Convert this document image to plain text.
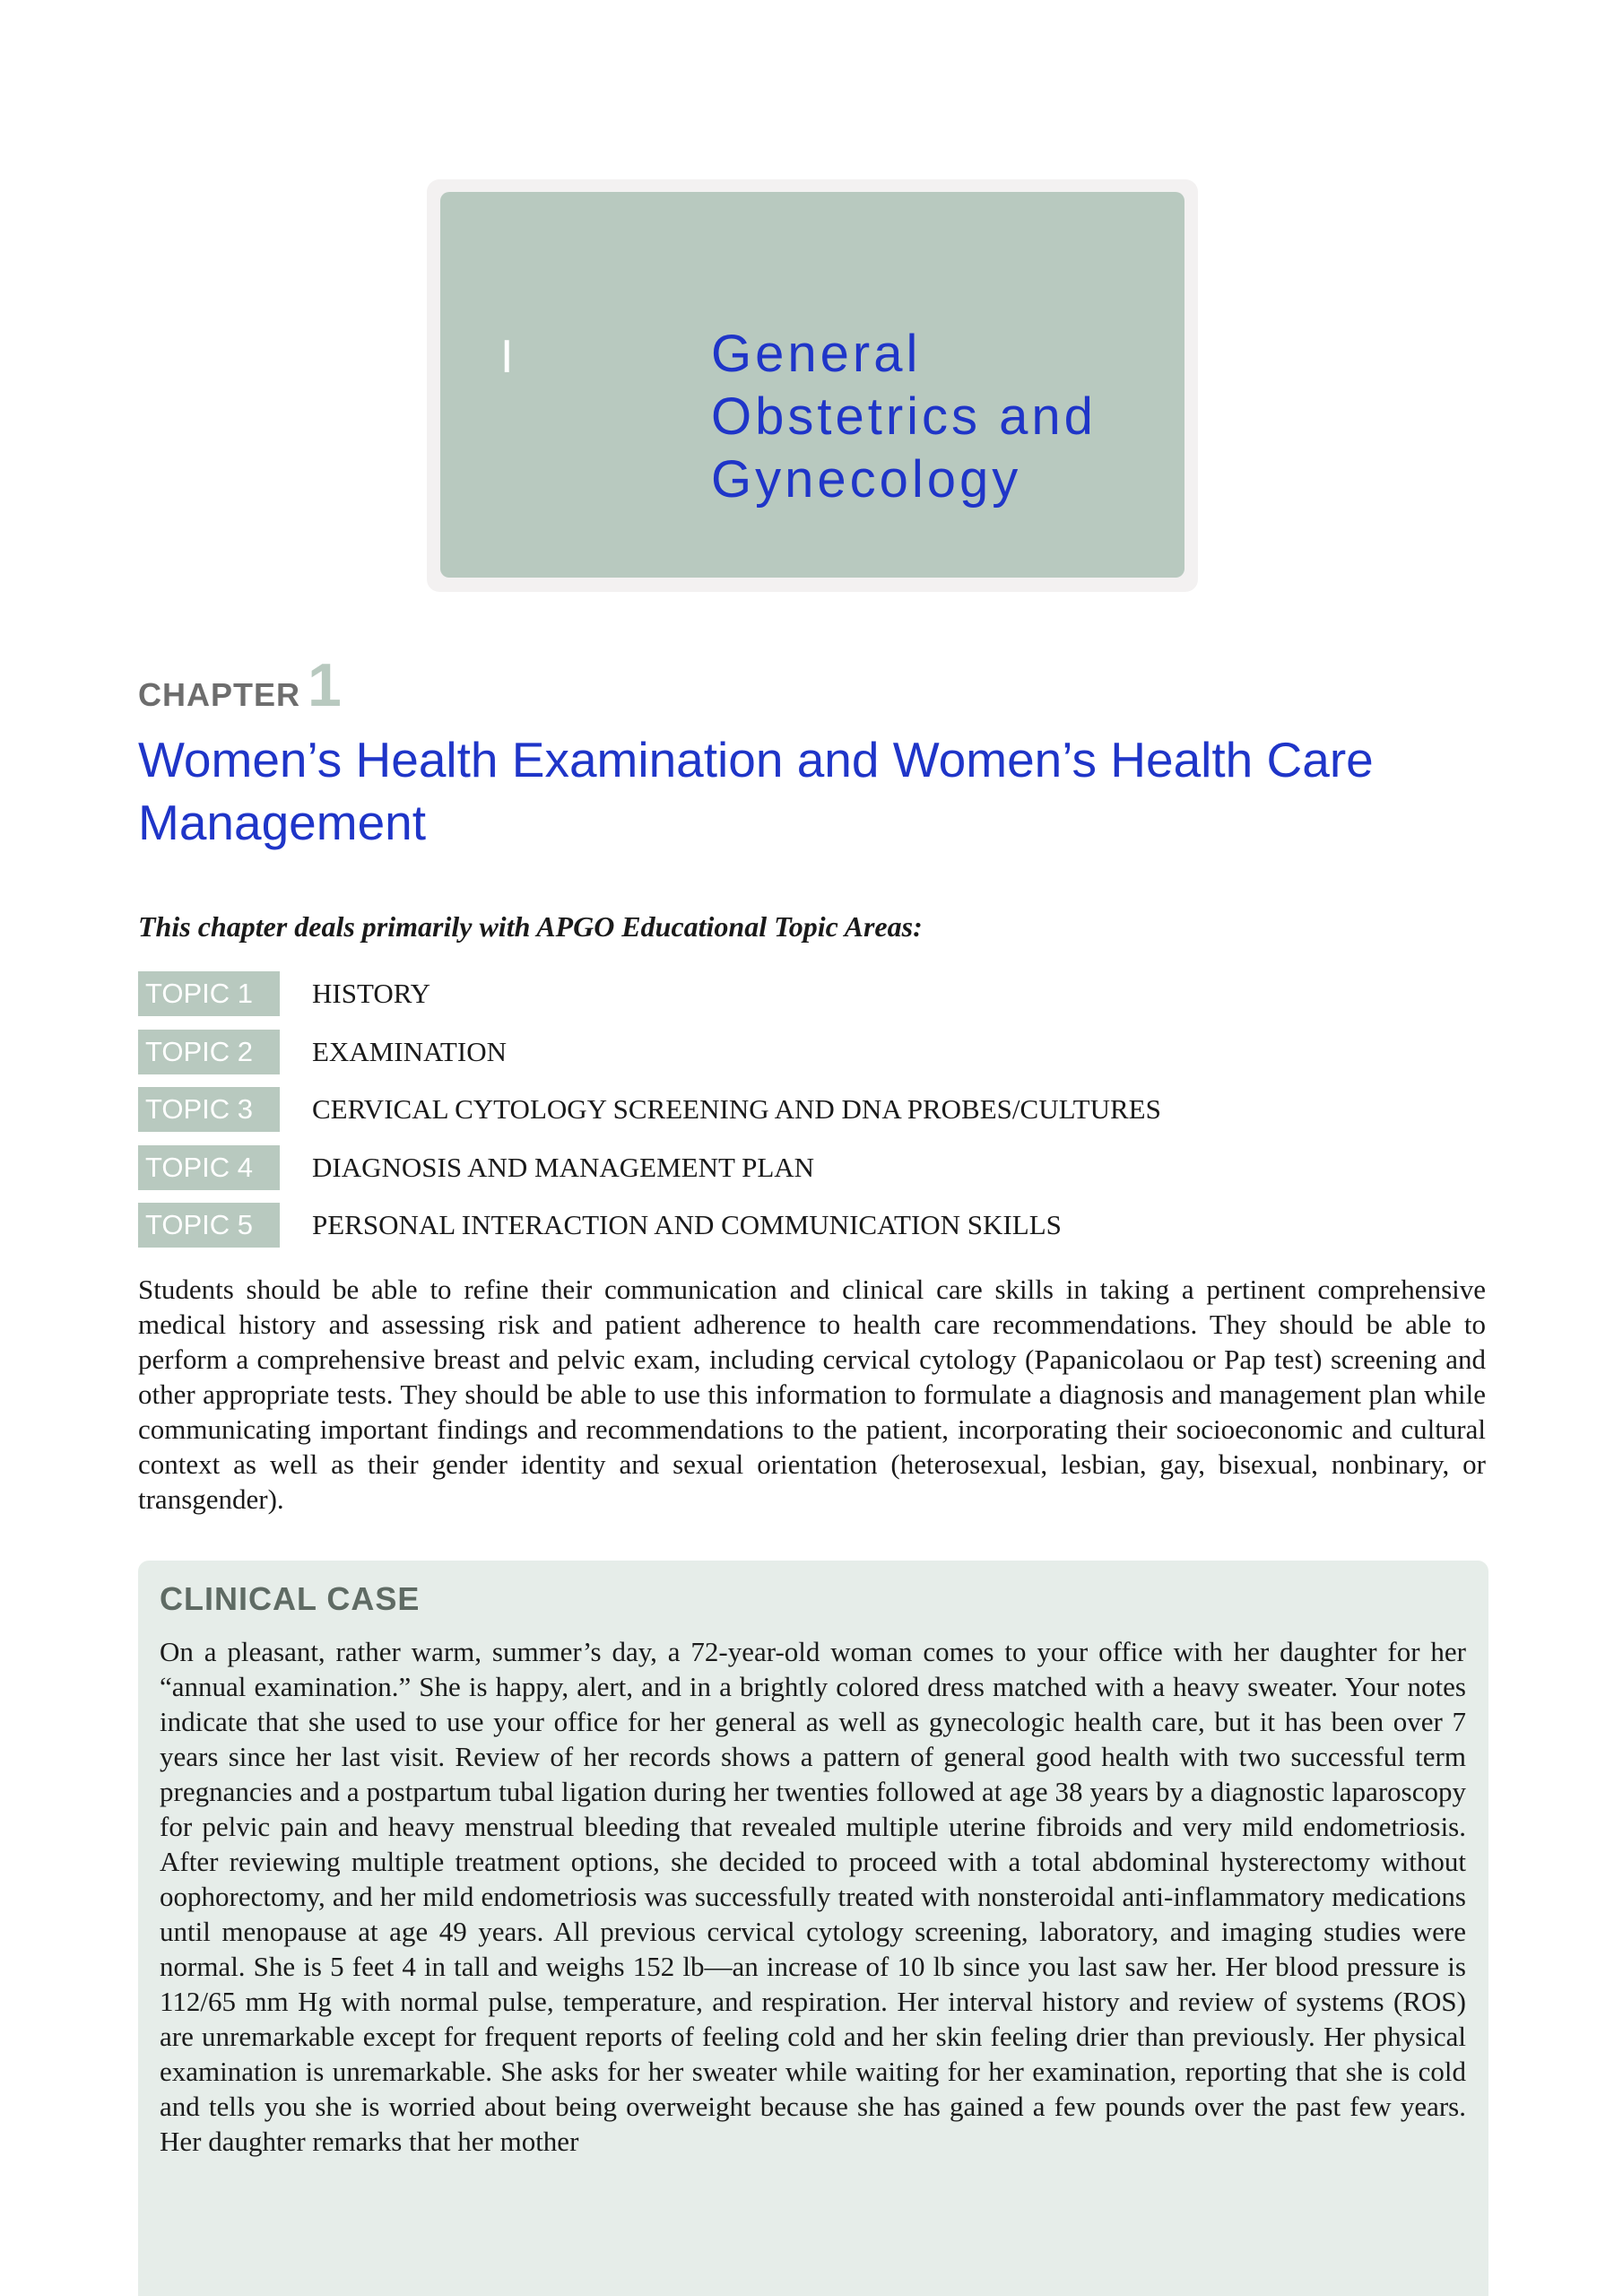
I	General
Obstetrics and
Gynecology
CHAPTER 1
Women’s Health Examination and Women’s Health Care Management
This chapter deals primarily with APGO Educational Topic Areas:
TOPIC 1	HISTORY
TOPIC 2	EXAMINATION
TOPIC 3	CERVICAL CYTOLOGY SCREENING AND DNA PROBES/CULTURES
TOPIC 4	DIAGNOSIS AND MANAGEMENT PLAN
TOPIC 5	PERSONAL INTERACTION AND COMMUNICATION SKILLS

Students should be able to refine their communication and clinical care skills in taking a pertinent comprehensive medical history and assessing risk and patient adherence to health care recommendations. They should be able to perform a comprehensive breast and pelvic exam, including cervical cytology (Papanicolaou or Pap test) screening and other appropriate tests. They should be able to use this information to formulate a diagnosis and management plan while communicating important findings and recommendations to the patient, incorporating their socioeconomic and cultural context as well as their gender identity and sexual orientation (heterosexual, lesbian, gay, bisexual, nonbinary, or transgender).

CLINICAL CASE

On a pleasant, rather warm, summer’s day, a 72-year-old woman comes to your office with her daughter for her “annual examination.” She is happy, alert, and in a brightly colored dress matched with a heavy sweater. Your notes indicate that she used to use your office for her general as well as gynecologic health care, but it has been over 7 years since her last visit. Review of her records shows a pattern of general good health with two successful term pregnancies and a postpartum tubal ligation during her twenties followed at age 38 years by a diagnostic laparoscopy for pelvic pain and heavy menstrual bleeding that revealed multiple uterine fibroids and very mild endometriosis. After reviewing multiple treatment options, she decided to proceed with a total abdominal hysterectomy without oophorectomy, and her mild endometriosis was successfully treated with nonsteroidal anti-inflammatory medications until menopause at age 49 years. All previous cervical cytology screening, laboratory, and imaging studies were normal. She is 5 feet 4 in tall and weighs 152 lb—an increase of 10 lb since you last saw her. Her blood pressure is 112/65 mm Hg with normal pulse, temperature, and respiration. Her interval history and review of systems (ROS) are unremarkable except for frequent reports of feeling cold and her skin feeling drier than previously. Her physical examination is unremarkable. She asks for her sweater while waiting for her examination, reporting that she is cold and tells you she is worried about being overweight because she has gained a few pounds over the past few years. Her daughter remarks that her mother
